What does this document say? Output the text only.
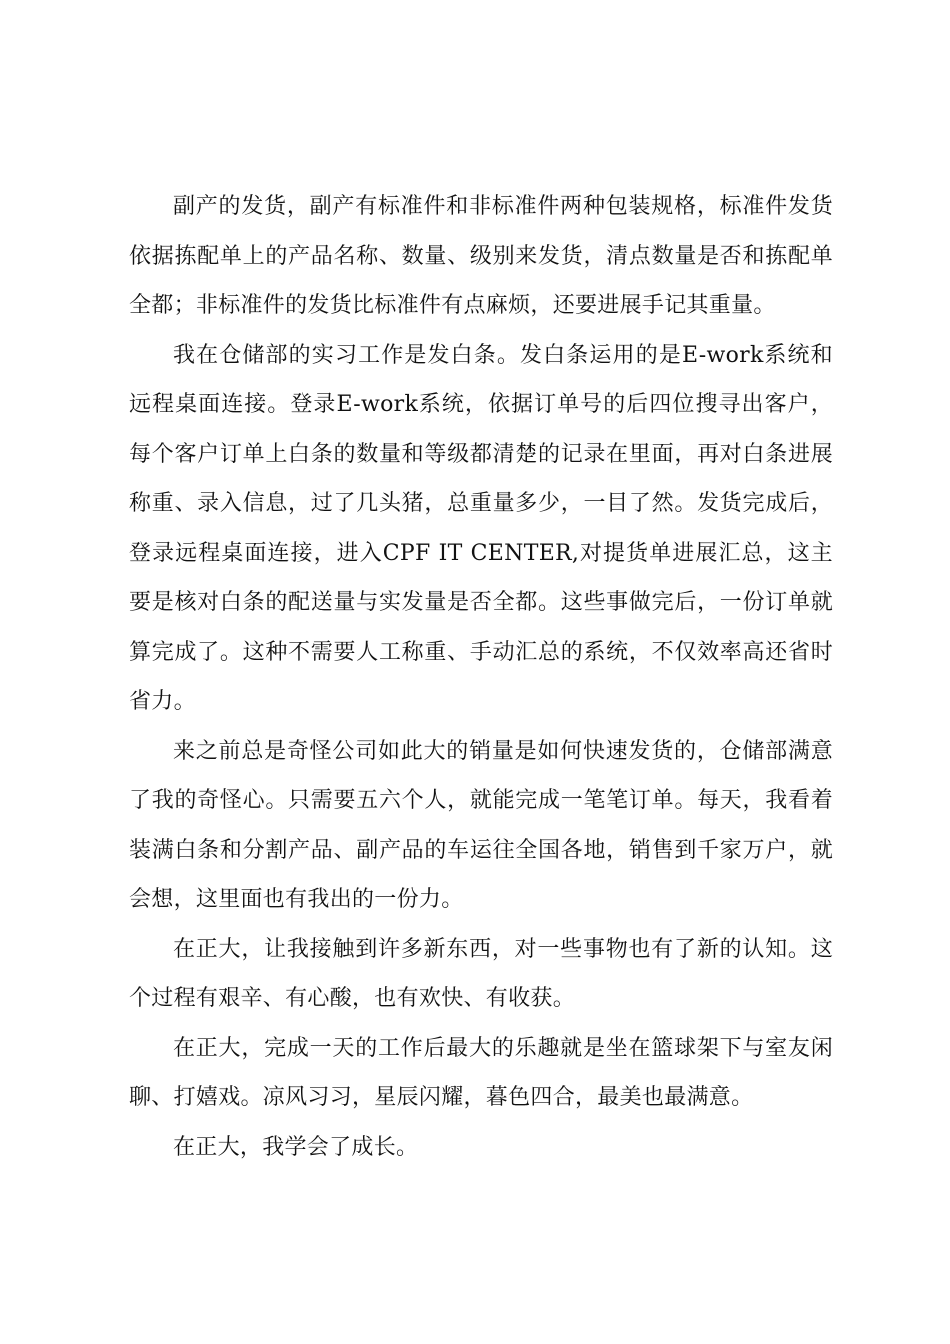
副产的发货，副产有标准件和非标准件两种包装规格，标准件发货依据拣配单上的产品名称、数量、级别来发货，清点数量是否和拣配单全都；非标准件的发货比标准件有点麻烦，还要进展手记其重量。

我在仓储部的实习工作是发白条。发白条运用的是E-work系统和远程桌面连接。登录E-work系统，依据订单号的后四位搜寻出客户，每个客户订单上白条的数量和等级都清楚的记录在里面，再对白条进展称重、录入信息，过了几头猪，总重量多少，一目了然。发货完成后，登录远程桌面连接，进入CPF IT CENTER,对提货单进展汇总，这主要是核对白条的配送量与实发量是否全都。这些事做完后，一份订单就算完成了。这种不需要人工称重、手动汇总的系统，不仅效率高还省时省力。

来之前总是奇怪公司如此大的销量是如何快速发货的，仓储部满意了我的奇怪心。只需要五六个人，就能完成一笔笔订单。每天，我看着装满白条和分割产品、副产品的车运往全国各地，销售到千家万户，就会想，这里面也有我出的一份力。

在正大，让我接触到许多新东西，对一些事物也有了新的认知。这个过程有艰辛、有心酸，也有欢快、有收获。

在正大，完成一天的工作后最大的乐趣就是坐在篮球架下与室友闲聊、打嬉戏。凉风习习，星辰闪耀，暮色四合，最美也最满意。

在正大，我学会了成长。
